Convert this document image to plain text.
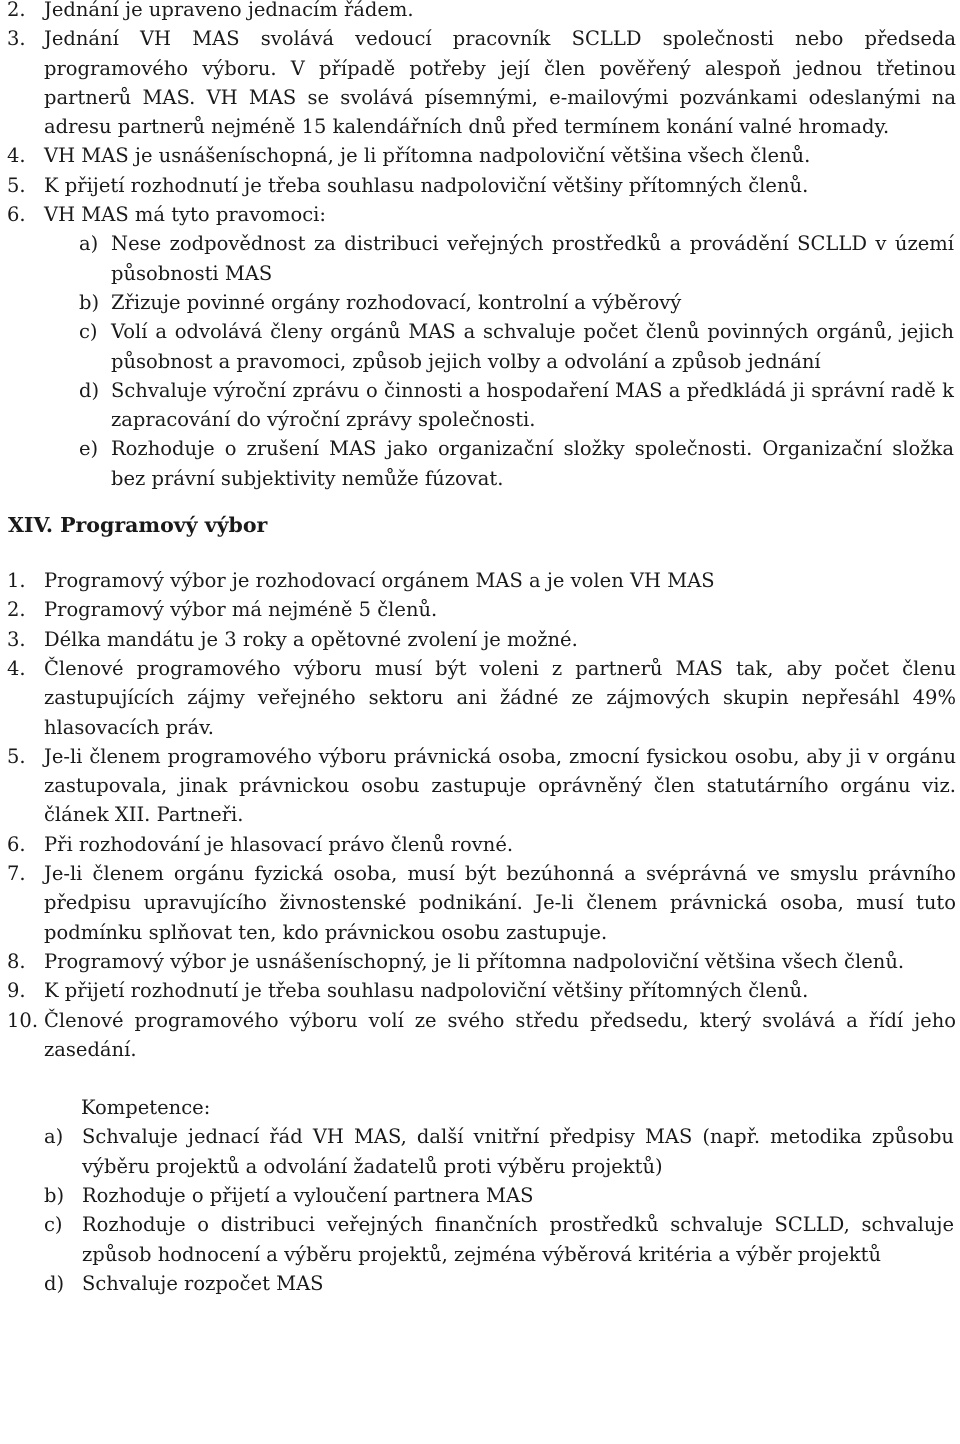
2. Jednání je upraveno jednacím řádem.
3. Jednání VH MAS svolává vedoucí pracovník SCLLD společnosti nebo předseda programového výboru. V případě potřeby její člen pověřený alespoň jednou třetinou partnerů MAS. VH MAS se svolává písemnými, e-mailovými pozvánkami odeslanými na adresu partnerů nejméně 15 kalendářních dnů před termínem konání valné hromady.
4. VH MAS je usnášeníschopná, je li přítomna nadpoloviční většina všech členů.
5. K přijetí rozhodnutí je třeba souhlasu nadpoloviční většiny přítomných členů.
6. VH MAS má tyto pravomoci:
a) Nese zodpovědnost za distribuci veřejných prostředků a provádění SCLLD v území působnosti MAS
b) Zřizuje povinné orgány rozhodovací, kontrolní a výběrový
c) Volí a odvolává členy orgánů MAS a schvaluje počet členů povinných orgánů, jejich působnost a pravomoci, způsob jejich volby a odvolání a způsob jednání
d) Schvaluje výroční zprávu o činnosti a hospodaření MAS a předkládá ji správní radě k zapracování do výroční zprávy společnosti.
e) Rozhoduje o zrušení MAS jako organizační složky společnosti. Organizační složka bez právní subjektivity nemůže fúzovat.
XIV. Programový výbor
1. Programový výbor je rozhodovací orgánem MAS a je volen VH MAS
2. Programový výbor má nejméně 5 členů.
3. Délka mandátu je 3 roky a opětovné zvolení je možné.
4. Členové programového výboru musí být voleni z partnerů MAS tak, aby počet členu zastupujících zájmy veřejného sektoru ani žádné ze zájmových skupin nepřesáhl 49% hlasovacích práv.
5. Je-li členem programového výboru právnická osoba, zmocní fysickou osobu, aby ji v orgánu zastupovala, jinak právnickou osobu zastupuje oprávněný člen statutárního orgánu viz. článek XII. Partneři.
6. Při rozhodování je hlasovací právo členů rovné.
7. Je-li členem orgánu fyzická osoba, musí být bezúhonná a svéprávná ve smyslu právního předpisu upravujícího živnostenské podnikání. Je-li členem právnická osoba, musí tuto podmínku splňovat ten, kdo právnickou osobu zastupuje.
8. Programový výbor je usnášeníschopný, je li přítomna nadpoloviční většina všech členů.
9. K přijetí rozhodnutí je třeba souhlasu nadpoloviční většiny přítomných členů.
10. Členové programového výboru volí ze svého středu předsedu, který svolává a řídí jeho zasedání.
Kompetence:
a) Schvaluje jednací řád VH MAS, další vnitřní předpisy MAS (např. metodika způsobu výběru projektů a odvolání žadatelů proti výběru projektů)
b) Rozhoduje o přijetí a vyloučení partnera MAS
c) Rozhoduje o distribuci veřejných finančních prostředků schvaluje SCLLD, schvaluje způsob hodnocení a výběru projektů, zejména výběrová kritéria a výběr projektů
d) Schvaluje rozpočet MAS
